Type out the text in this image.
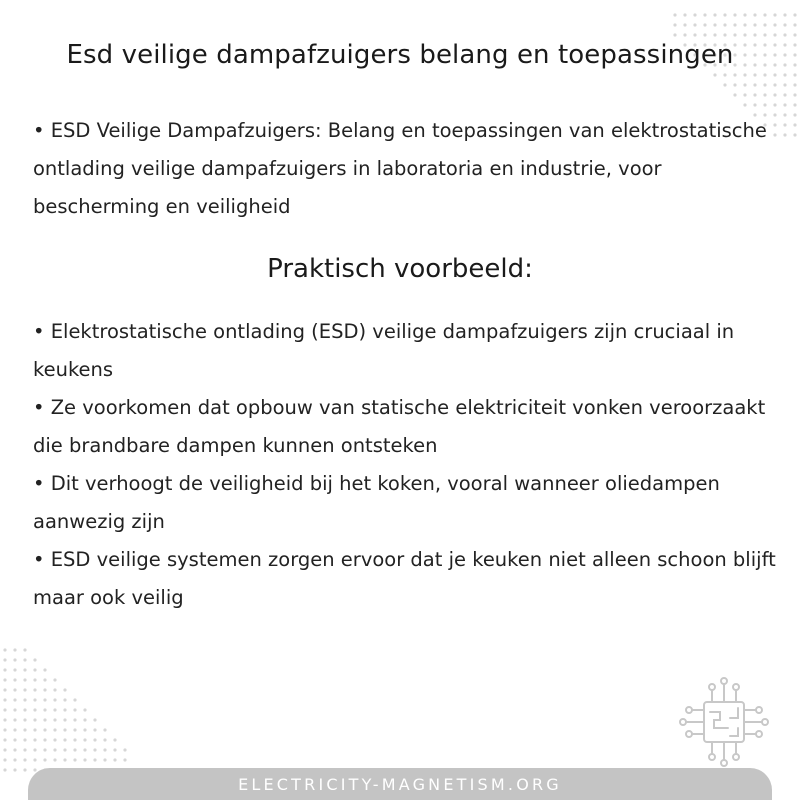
Esd veilige dampafzuigers belang en toepassingen

• ESD Veilige Dampafzuigers: Belang en toepassingen van elektrostatische ontlading veilige dampafzuigers in laboratoria en industrie, voor bescherming en veiligheid

Praktisch voorbeeld:
• Elektrostatische ontlading (ESD) veilige dampafzuigers zijn cruciaal in keukens
• Ze voorkomen dat opbouw van statische elektriciteit vonken veroorzaakt die brandbare dampen kunnen ontsteken
• Dit verhoogt de veiligheid bij het koken, vooral wanneer oliedampen aanwezig zijn
• ESD veilige systemen zorgen ervoor dat je keuken niet alleen schoon blijft maar ook veilig
ELECTRICITY-MAGNETISM.ORG
